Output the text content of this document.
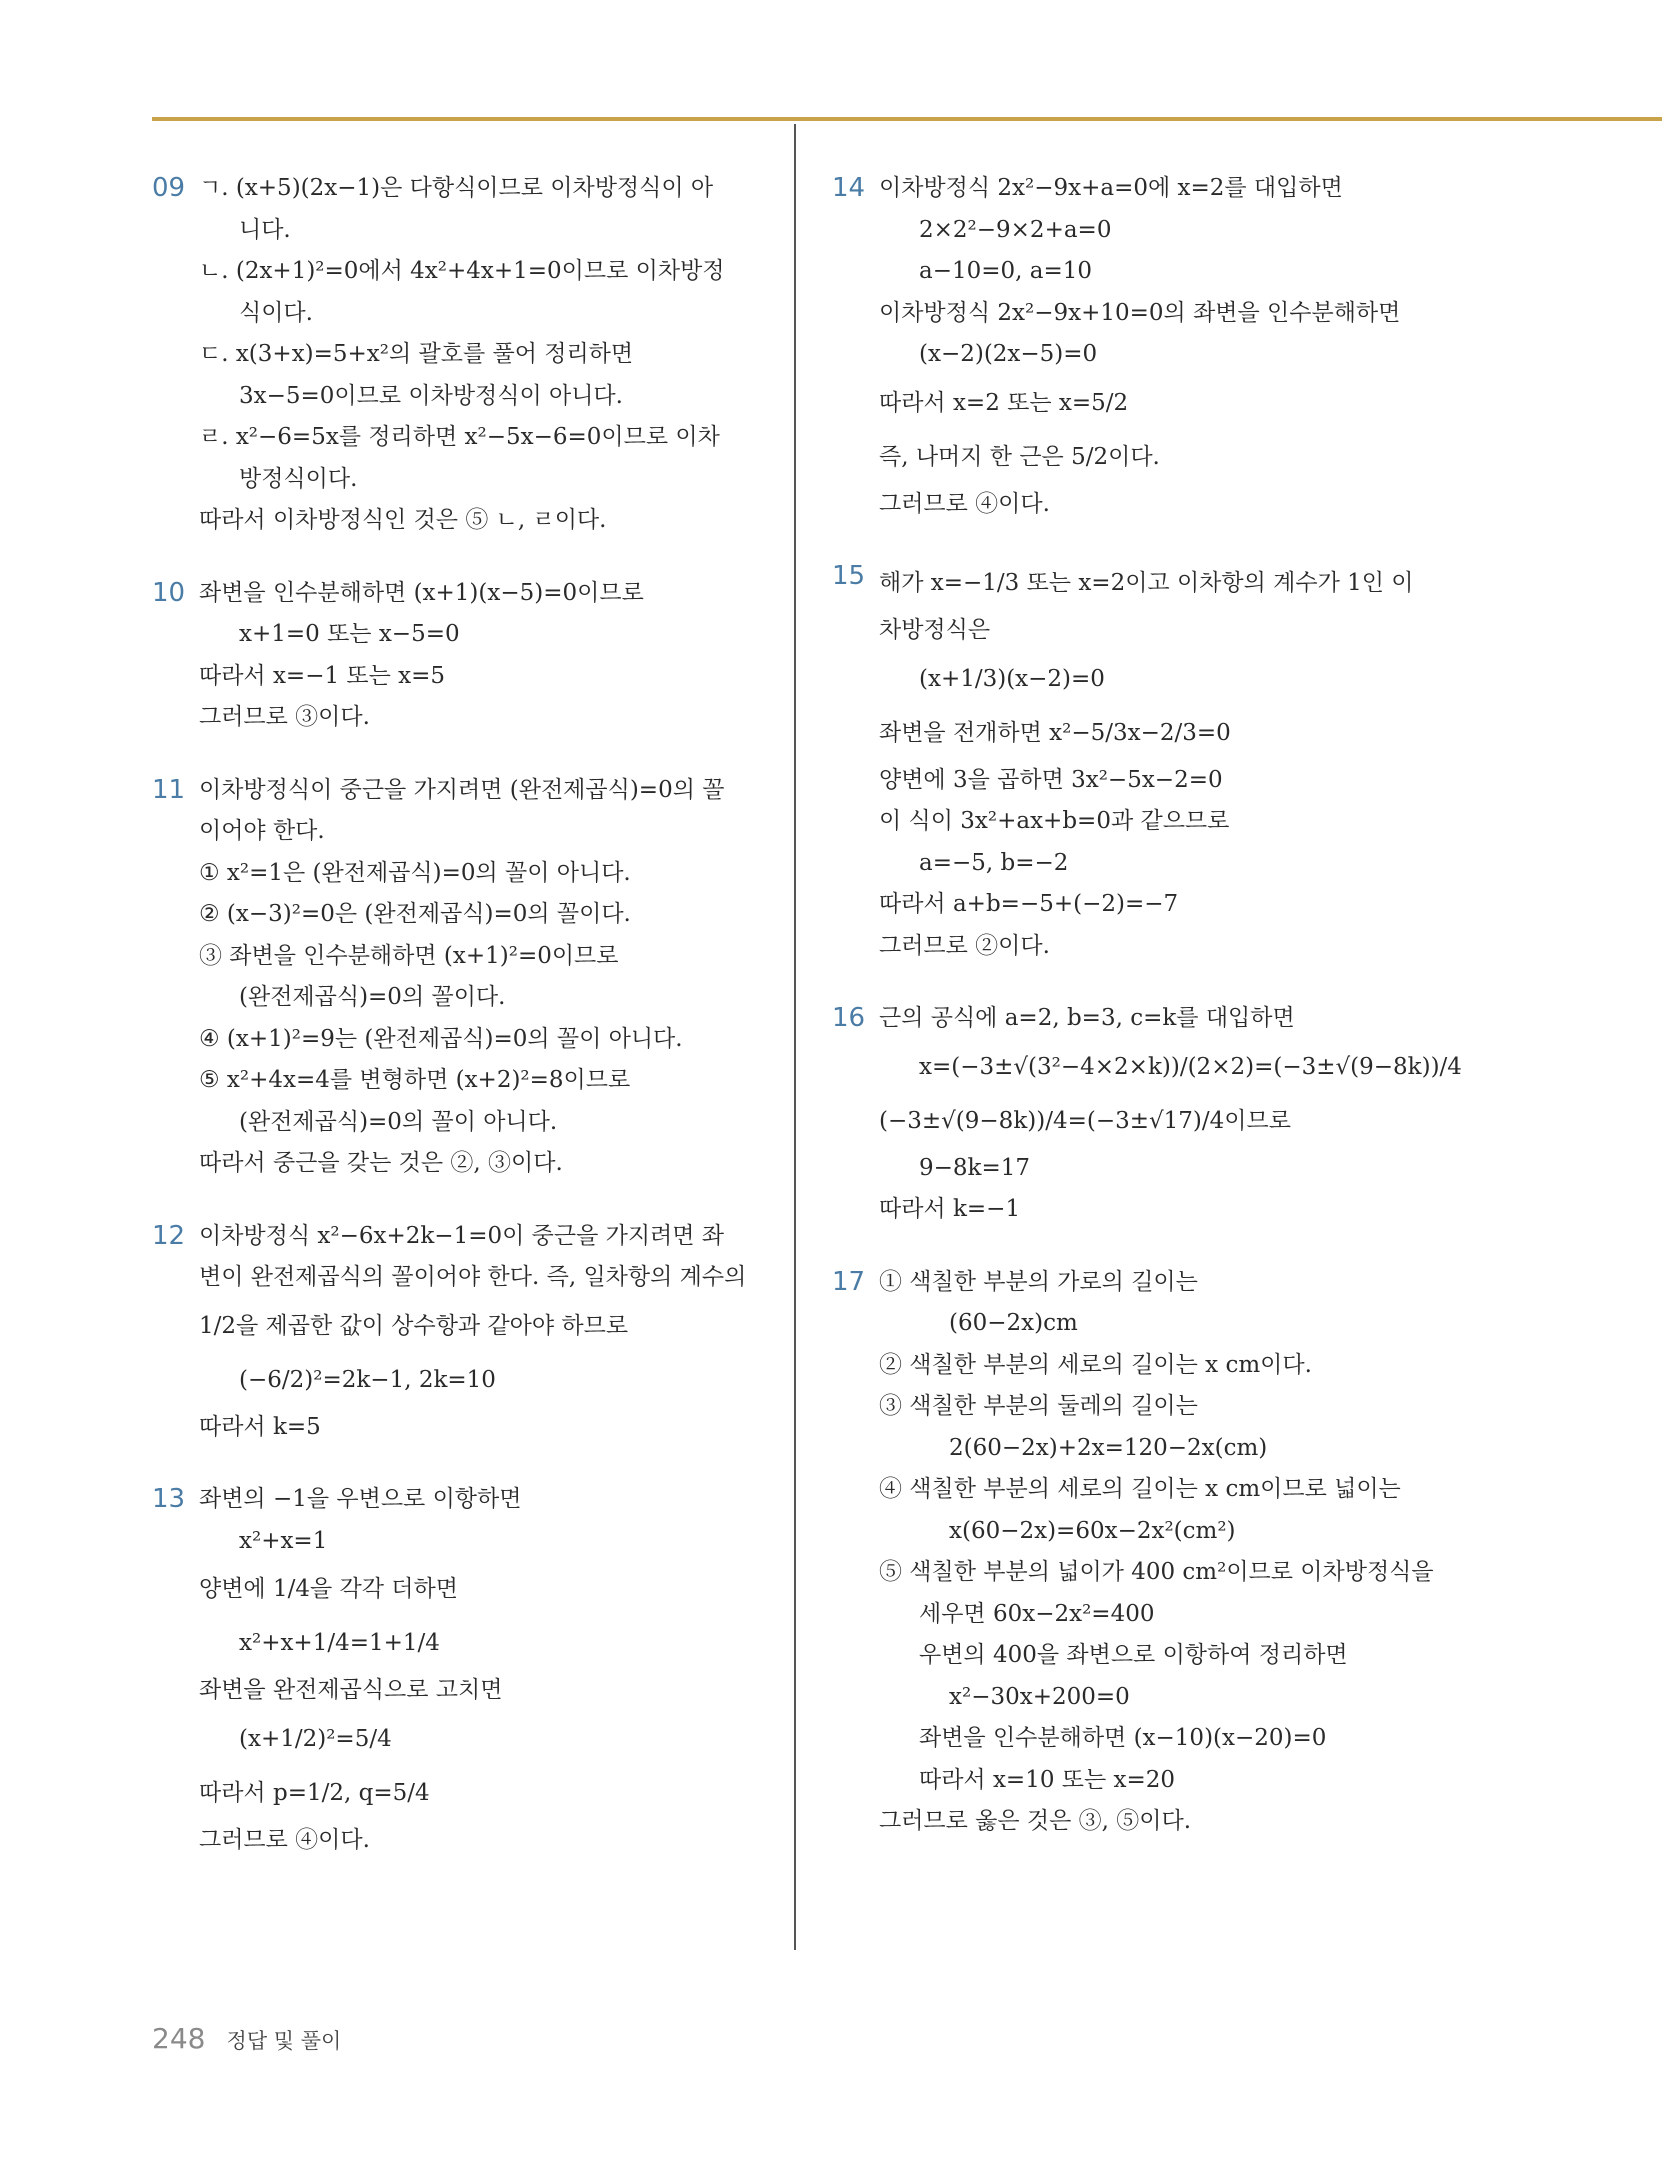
09 ㄱ. (x+5)(2x−1)은 다항식이므로 이차방정식이 아
니다.
ㄴ. (2x+1)²=0에서 4x²+4x+1=0이므로 이차방정
식이다.
ㄷ. x(3+x)=5+x²의 괄호를 풀어 정리하면
3x−5=0이므로 이차방정식이 아니다.
ㄹ. x²−6=5x를 정리하면 x²−5x−6=0이므로 이차
방정식이다.
따라서 이차방정식인 것은 ⑤ ㄴ, ㄹ이다.
10 좌변을 인수분해하면 (x+1)(x−5)=0이므로
x+1=0 또는 x−5=0
따라서 x=−1 또는 x=5
그러므로 ③이다.
11 이차방정식이 중근을 가지려면 (완전제곱식)=0의 꼴
이어야 한다.
① x²=1은 (완전제곱식)=0의 꼴이 아니다.
② (x−3)²=0은 (완전제곱식)=0의 꼴이다.
③ 좌변을 인수분해하면 (x+1)²=0이므로
(완전제곱식)=0의 꼴이다.
④ (x+1)²=9는 (완전제곱식)=0의 꼴이 아니다.
⑤ x²+4x=4를 변형하면 (x+2)²=8이므로
(완전제곱식)=0의 꼴이 아니다.
따라서 중근을 갖는 것은 ②, ③이다.
12 이차방정식 x²−6x+2k−1=0이 중근을 가지려면 좌
변이 완전제곱식의 꼴이어야 한다. 즉, 일차항의 계수의
1/2을 제곱한 값이 상수항과 같아야 하므로
(−6/2)²=2k−1, 2k=10
따라서 k=5
13 좌변의 −1을 우변으로 이항하면
x²+x=1
양변에 1/4을 각각 더하면
x²+x+1/4=1+1/4
좌변을 완전제곱식으로 고치면
(x+1/2)²=5/4
따라서 p=1/2, q=5/4
그러므로 ④이다.
14 이차방정식 2x²−9x+a=0에 x=2를 대입하면
2×2²−9×2+a=0
a−10=0, a=10
이차방정식 2x²−9x+10=0의 좌변을 인수분해하면
(x−2)(2x−5)=0
따라서 x=2 또는 x=5/2
즉, 나머지 한 근은 5/2이다.
그러므로 ④이다.
15 해가 x=−1/3 또는 x=2이고 이차항의 계수가 1인 이
차방정식은
(x+1/3)(x−2)=0
좌변을 전개하면 x²−5/3x−2/3=0
양변에 3을 곱하면 3x²−5x−2=0
이 식이 3x²+ax+b=0과 같으므로
a=−5, b=−2
따라서 a+b=−5+(−2)=−7
그러므로 ②이다.
16 근의 공식에 a=2, b=3, c=k를 대입하면
x=(−3±√(3²−4×2×k))/(2×2)=(−3±√(9−8k))/4
(−3±√(9−8k))/4=(−3±√17)/4이므로
9−8k=17
따라서 k=−1
17 ① 색칠한 부분의 가로의 길이는
(60−2x)cm
② 색칠한 부분의 세로의 길이는 x cm이다.
③ 색칠한 부분의 둘레의 길이는
2(60−2x)+2x=120−2x(cm)
④ 색칠한 부분의 세로의 길이는 x cm이므로 넓이는
x(60−2x)=60x−2x²(cm²)
⑤ 색칠한 부분의 넓이가 400 cm²이므로 이차방정식을
세우면 60x−2x²=400
우변의 400을 좌변으로 이항하여 정리하면
x²−30x+200=0
좌변을 인수분해하면 (x−10)(x−20)=0
따라서 x=10 또는 x=20
그러므로 옳은 것은 ③, ⑤이다.
248 정답 및 풀이
